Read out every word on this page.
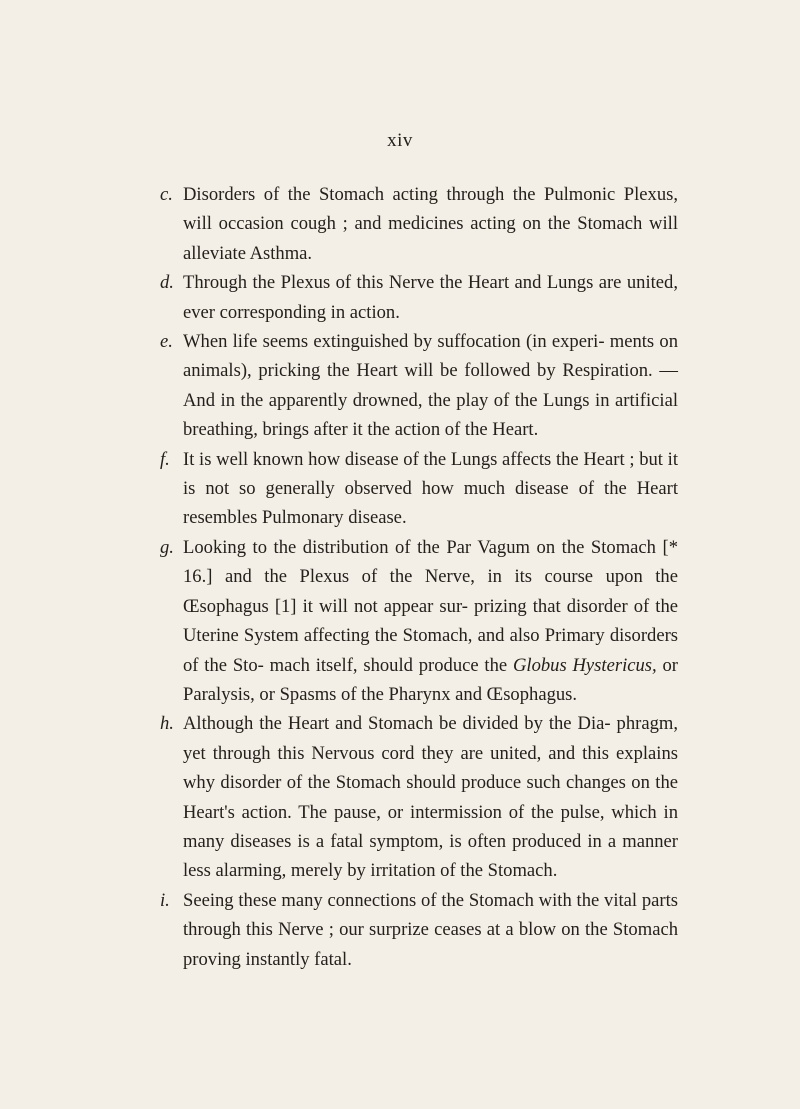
xiv
c. Disorders of the Stomach acting through the Pulmonic Plexus, will occasion cough ; and medicines acting on the Stomach will alleviate Asthma.
d. Through the Plexus of this Nerve the Heart and Lungs are united, ever corresponding in action.
e. When life seems extinguished by suffocation (in experi- ments on animals), pricking the Heart will be followed by Respiration. — And in the apparently drowned, the play of the Lungs in artificial breathing, brings after it the action of the Heart.
f. It is well known how disease of the Lungs affects the Heart ; but it is not so generally observed how much disease of the Heart resembles Pulmonary disease.
g. Looking to the distribution of the Par Vagum on the Stomach [* 16.] and the Plexus of the Nerve, in its course upon the Œsophagus [1] it will not appear sur- prizing that disorder of the Uterine System affecting the Stomach, and also Primary disorders of the Sto- mach itself, should produce the Globus Hystericus, or Paralysis, or Spasms of the Pharynx and Œsophagus.
h. Although the Heart and Stomach be divided by the Dia- phragm, yet through this Nervous cord they are united, and this explains why disorder of the Stomach should produce such changes on the Heart's action. The pause, or intermission of the pulse, which in many diseases is a fatal symptom, is often produced in a manner less alarming, merely by irritation of the Stomach.
i. Seeing these many connections of the Stomach with the vital parts through this Nerve ; our surprize ceases at a blow on the Stomach proving instantly fatal.
